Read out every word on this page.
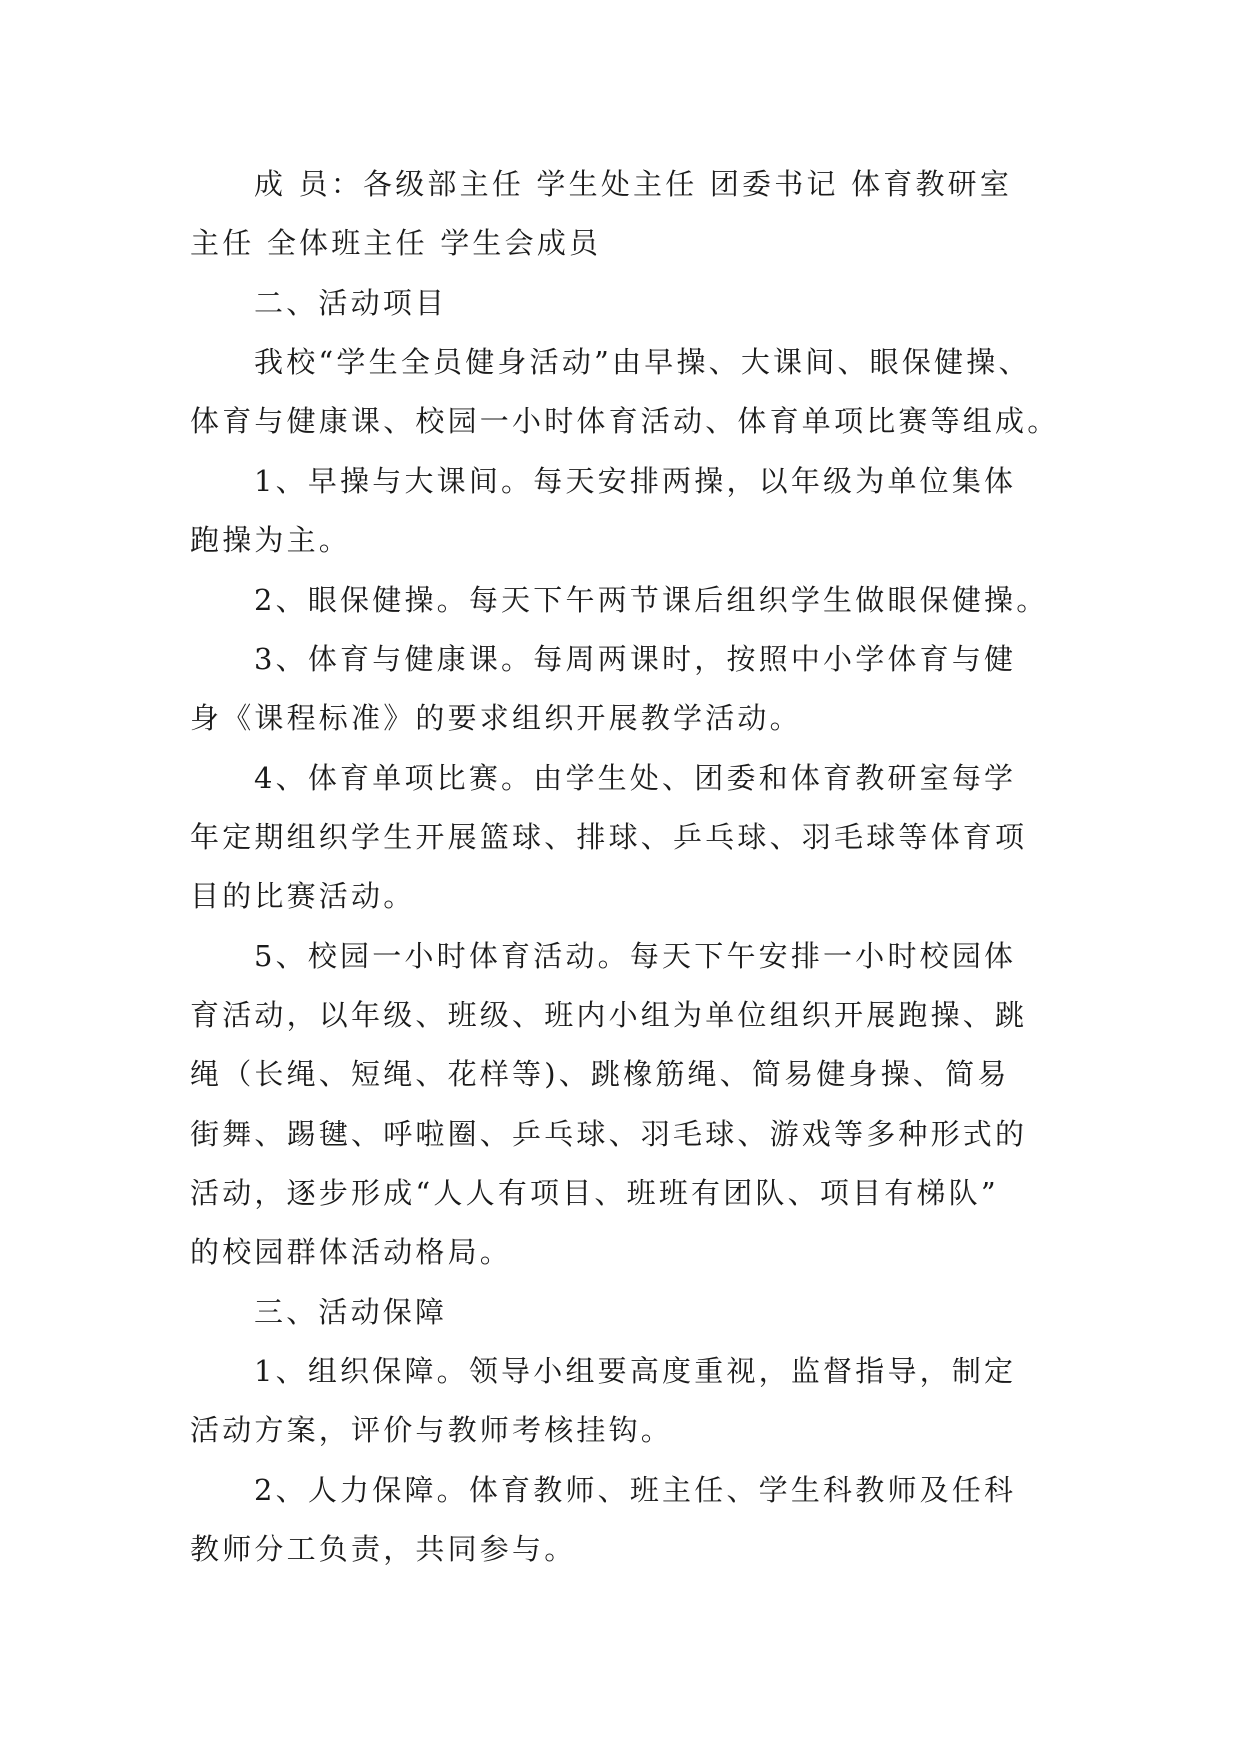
成 员：各级部主任 学生处主任 团委书记 体育教研室
主任 全体班主任 学生会成员
二、活动项目
我校“学生全员健身活动”由早操、大课间、眼保健操、
体育与健康课、校园一小时体育活动、体育单项比赛等组成。
1、早操与大课间。每天安排两操，以年级为单位集体
跑操为主。
2、眼保健操。每天下午两节课后组织学生做眼保健操。
3、体育与健康课。每周两课时，按照中小学体育与健
身《课程标准》的要求组织开展教学活动。
4、体育单项比赛。由学生处、团委和体育教研室每学
年定期组织学生开展篮球、排球、乒乓球、羽毛球等体育项
目的比赛活动。
5、校园一小时体育活动。每天下午安排一小时校园体
育活动，以年级、班级、班内小组为单位组织开展跑操、跳
绳（长绳、短绳、花样等)、跳橡筋绳、简易健身操、简易
街舞、踢毽、呼啦圈、乒乓球、羽毛球、游戏等多种形式的
活动，逐步形成“人人有项目、班班有团队、项目有梯队”
的校园群体活动格局。
三、活动保障
1、组织保障。领导小组要高度重视，监督指导，制定
活动方案，评价与教师考核挂钩。
2、人力保障。体育教师、班主任、学生科教师及任科
教师分工负责，共同参与。
